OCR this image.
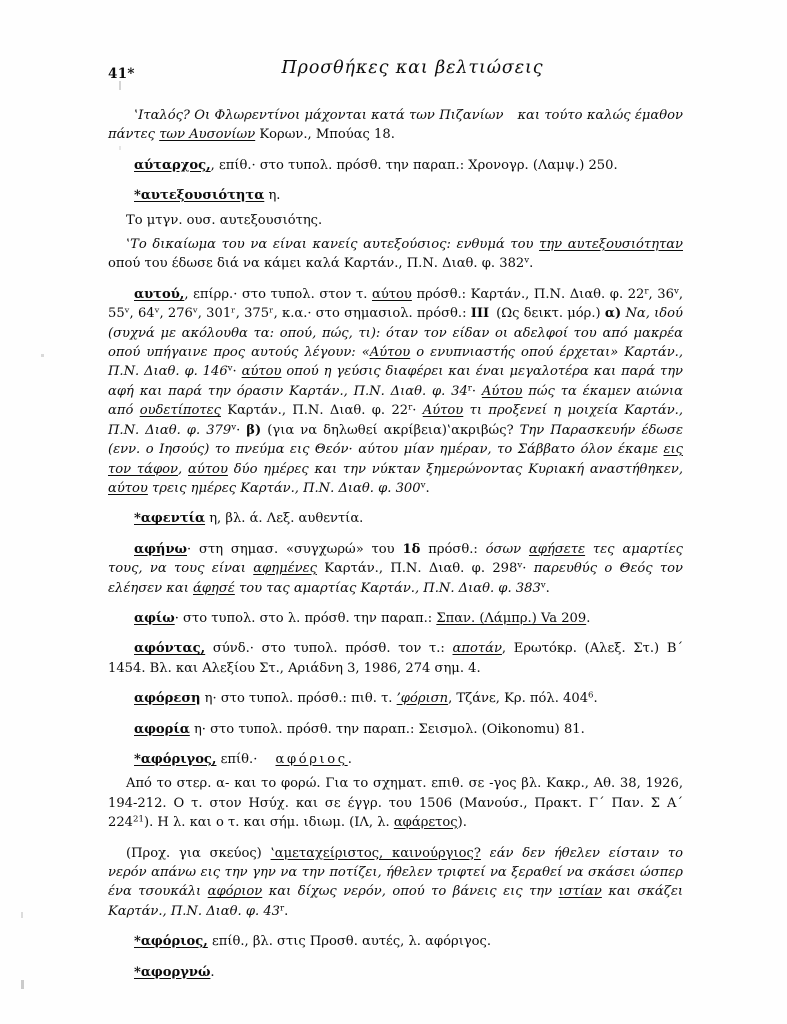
41*	Προσθήκες και βελτιώσεις

‛Ιταλός? Οι Φλωρεντίνοι μάχονται κατά των Πιζανίων και τούτο καλώς έμαθον πάντες των Αυσονίων Κορων., Μπούας 18.

αύταρχος,, επίθ.· στο τυπολ. πρόσθ. την παραπ.: Χρονογρ. (Λαμψ.) 250.

*αυτεξουσιότητα η.

Το μτγν. ουσ. αυτεξουσιότης.

‛Το δικαίωμα του να είναι κανείς αυτεξούσιος: ενθυμά του την αυτεξουσιότηταν οπού του έδωσε διά να κάμει καλά Καρτάν., Π.Ν. Διαθ. φ. 382$^v$.

αυτού,, επίρρ.· στο τυπολ. στον τ. αύτου πρόσθ.: Καρτάν., Π.Ν. Διαθ. φ. 22$^r$, 36$^v$, 55ᵛ, 64ᵛ, 276ᵛ, 301ʳ, 375ʳ, κ.α.· στο σημασιολ. πρόσθ.: III (Ως δεικτ. μόρ.) α) Να, ιδού (συχνά με ακόλουθα τα: οπού, πώς, τι): όταν τον είδαν οι αδελφοί του από μακρέα οπού υπήγαινε προς αυτούς λέγουν: «Αύτου ο ενυπνιαστής οπού έρχεται» Καρτάν., Π.Ν. Διαθ. φ. $146^v\cdot \alpha ύ\tau o\upsilon$ οπού η γεύσις διαφέρει και έναι μεγαλοτέρα και παρά την αφή και παρά την όρασιν Καρτάν., Π.Ν. Διαθ. φ. $34^r\cdot Aύ\tau o\upsilon$ πώς τα έκαμεν αιώνια από ουδετίποτες Καρτάν., Π.Ν. Διαθ. φ. $22^r\cdot Aύ\tau o\upsilon$ τι προξενεί η μοιχεία Καρτάν., Π.Ν. Διαθ. φ. $379^v\cdot \beta$) (για να δηλωθεί ακρίβεια)‛ακριβώς? Την Παρασκευήν έδωσε (ενν. ο Ιησούς) το πνεύμα εις Θεόν· αύτου μίαν ημέραν, το Σάββατο όλον έκαμε εις τον τάφον, αύτου δύο ημέρες και την νύκταν ξημερώνοντας Κυριακή αναστήθηκεν, αύτου τρεις ημέρες Καρτάν., Π.Ν. Διαθ. φ. 300$^v$.

*αφεντία η, βλ. ά. Λεξ. αυθεντία.

αφήνω· στη σημασ. «συγχωρώ» του 1δ πρόσθ.: όσων αφήσετε τες αμαρτίες τους, να τους είναι αφημένες Καρτάν., Π.Ν. Διαθ. φ. $298^v\cdot \pi\alpha\rho\varepsilon\upsilon\theta ύ\varsigma$ ο Θεός τον ελέησεν και άφησέ του τας αμαρτίας Καρτάν., Π.Ν. Διαθ. φ. 383$^v$.

αφίω· στο τυπολ. στο λ. πρόσθ. την παραπ.: Σπαν. (Λάμπρ.) Va 209.

αφόντας, σύνδ.· στο τυπολ. πρόσθ. τον τ.: αποτάν, Ερωτόκρ. (Αλεξ. Στ.) Β΄ 1454. Βλ. και Αλεξίου Στ., Αριάδνη 3, 1986, 274 σημ. 4.

αφόρεση η· στο τυπολ. πρόσθ.: πιθ. τ. ’φόρισn, Τζάνε, Κρ. πόλ. $404^6$.

αφορία η· στο τυπολ. πρόσθ. την παραπ.: Σεισμολ. (Oikonomu) 81.

*αφόριγος, επίθ.· αφόριος.

Από το στερ. α- και το φορώ. Για το σχηματ. επιθ. σε -γος βλ. Κακρ., Αθ. 38, 1926, 194-212. Ο τ. στον Ησύχ. και σε έγγρ. του 1506 (Μανούσ., Πρακτ. Γ΄ Παν. Σ Α΄ $224^{21}$). Η λ. και ο τ. και σήμ. ιδιωμ. (ΙΛ, λ. αφάρετος).

(Προχ. για σκεύος) ‛αμεταχείριστος, καινούργιος? εάν δεν ήθελεν είσταιν το νερόν απάνω εις την γην να την ποτίζει, ήθελεν τριφτεί να ξεραθεί να σκάσει ώσπερ ένα τσουκάλι αφόριον και δίχως νερόν, οπού το βάνεις εις την ιστίαν και σκάζει Καρτάν., Π.Ν. Διαθ. φ. 43$^r$.

*αφόριος, επίθ., βλ. στις Προσθ. αυτές, λ. αφόριγος.

*αφοργνώ.
